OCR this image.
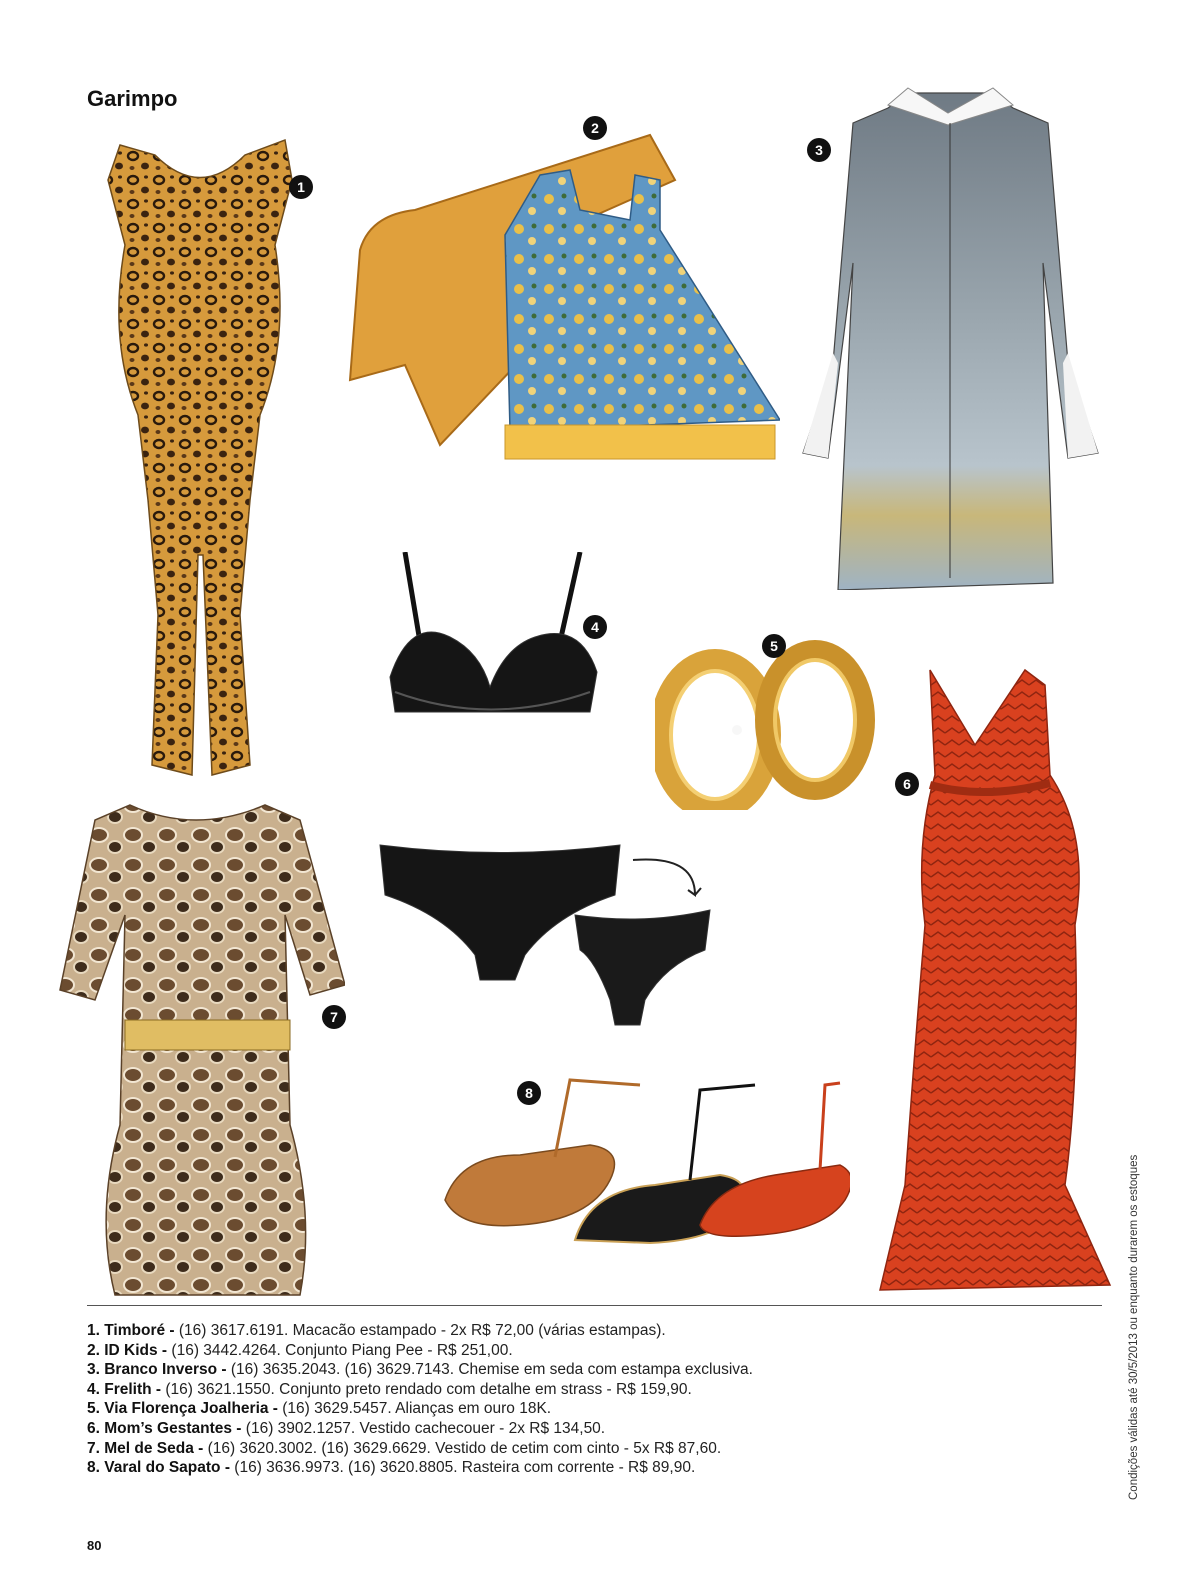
Garimpo
1
2
3
4
5
6
7
8
1. Timboré - (16) 3617.6191. Macacão estampado - 2x R$ 72,00 (várias estampas).
2. ID Kids - (16) 3442.4264. Conjunto Piang Pee - R$ 251,00.
3. Branco Inverso - (16) 3635.2043. (16) 3629.7143. Chemise em seda com estampa exclusiva.
4. Frelith - (16) 3621.1550. Conjunto preto rendado com detalhe em strass - R$ 159,90.
5. Via Florença Joalheria - (16) 3629.5457. Alianças em ouro 18K.
6. Mom’s Gestantes - (16) 3902.1257. Vestido cachecouer - 2x R$ 134,50.
7. Mel de Seda - (16) 3620.3002. (16) 3629.6629. Vestido de cetim com cinto - 5x R$ 87,60.
8. Varal do Sapato - (16) 3636.9973. (16) 3620.8805. Rasteira com corrente - R$ 89,90.	Condições válidas até 30/5/2013 ou enquanto durarem os estoques
80
